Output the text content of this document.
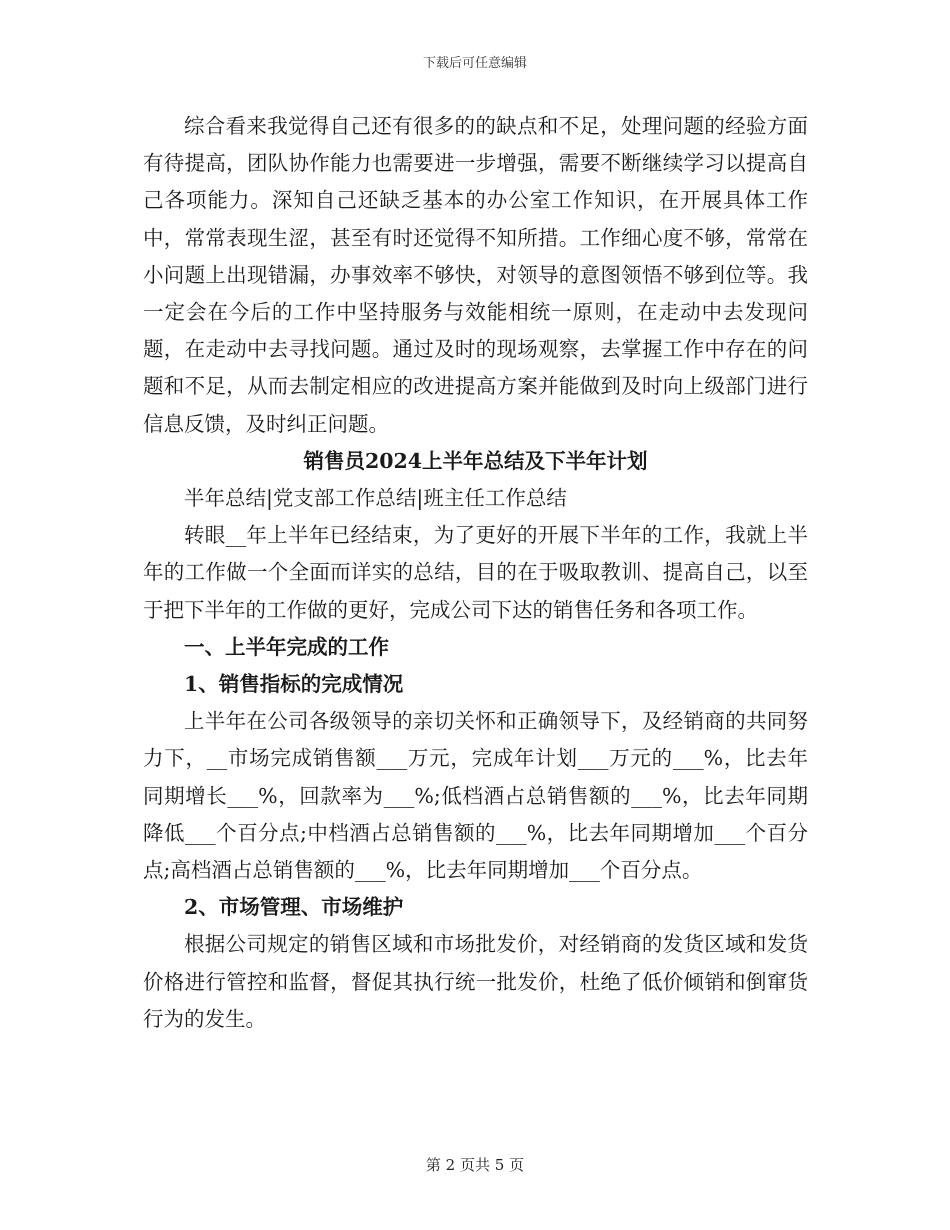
下载后可任意编辑

综合看来我觉得自己还有很多的的缺点和不足，处理问题的经验方面有待提高，团队协作能力也需要进一步增强，需要不断继续学习以提高自己各项能力。深知自己还缺乏基本的办公室工作知识，在开展具体工作中，常常表现生涩，甚至有时还觉得不知所措。工作细心度不够，常常在小问题上出现错漏，办事效率不够快，对领导的意图领悟不够到位等。我一定会在今后的工作中坚持服务与效能相统一原则，在走动中去发现问题，在走动中去寻找问题。通过及时的现场观察，去掌握工作中存在的问题和不足，从而去制定相应的改进提高方案并能做到及时向上级部门进行信息反馈，及时纠正问题。

销售员2024上半年总结及下半年计划

半年总结|党支部工作总结|班主任工作总结

转眼__年上半年已经结束，为了更好的开展下半年的工作，我就上半年的工作做一个全面而详实的总结，目的在于吸取教训、提高自己，以至于把下半年的工作做的更好，完成公司下达的销售任务和各项工作。

一、上半年完成的工作

1、销售指标的完成情况

上半年在公司各级领导的亲切关怀和正确领导下，及经销商的共同努力下，__市场完成销售额___万元，完成年计划___万元的___%，比去年同期增长___%，回款率为___%;低档酒占总销售额的___%，比去年同期降低___个百分点;中档酒占总销售额的___%，比去年同期增加___个百分点;高档酒占总销售额的___%，比去年同期增加___个百分点。

2、市场管理、市场维护

根据公司规定的销售区域和市场批发价，对经销商的发货区域和发货价格进行管控和监督，督促其执行统一批发价，杜绝了低价倾销和倒窜货行为的发生。

第 2 页共 5 页
